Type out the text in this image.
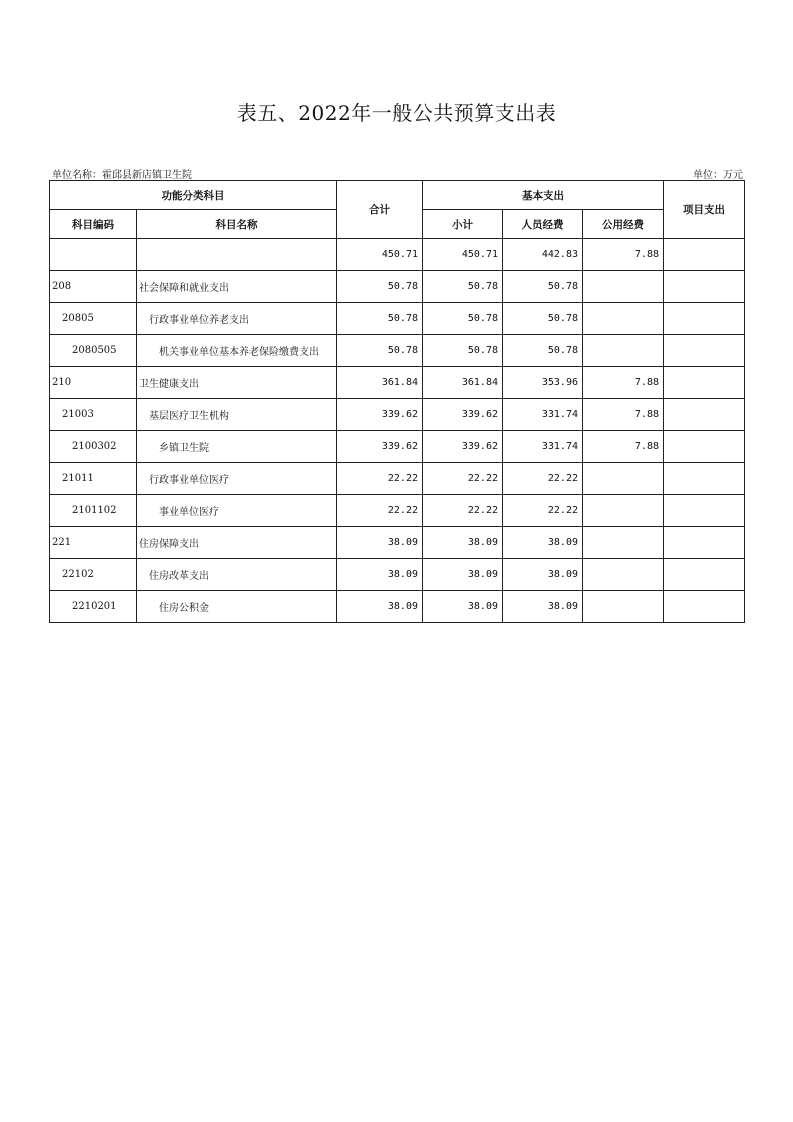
表五、2022年一般公共预算支出表
单位名称：霍邱县新店镇卫生院	单位：万元
功能分类科目		合计	基本支出			项目支出
科目编码	科目名称		小计	人员经费	公用经费	
		450.71	450.71	442.83	7.88	
208	社会保障和就业支出	50.78	50.78	50.78		
20805	行政事业单位养老支出	50.78	50.78	50.78		
2080505	机关事业单位基本养老保险缴费支出	50.78	50.78	50.78		
210	卫生健康支出	361.84	361.84	353.96	7.88	
21003	基层医疗卫生机构	339.62	339.62	331.74	7.88	
2100302	乡镇卫生院	339.62	339.62	331.74	7.88	
21011	行政事业单位医疗	22.22	22.22	22.22		
2101102	事业单位医疗	22.22	22.22	22.22		
221	住房保障支出	38.09	38.09	38.09		
22102	住房改革支出	38.09	38.09	38.09		
2210201	住房公积金	38.09	38.09	38.09		
